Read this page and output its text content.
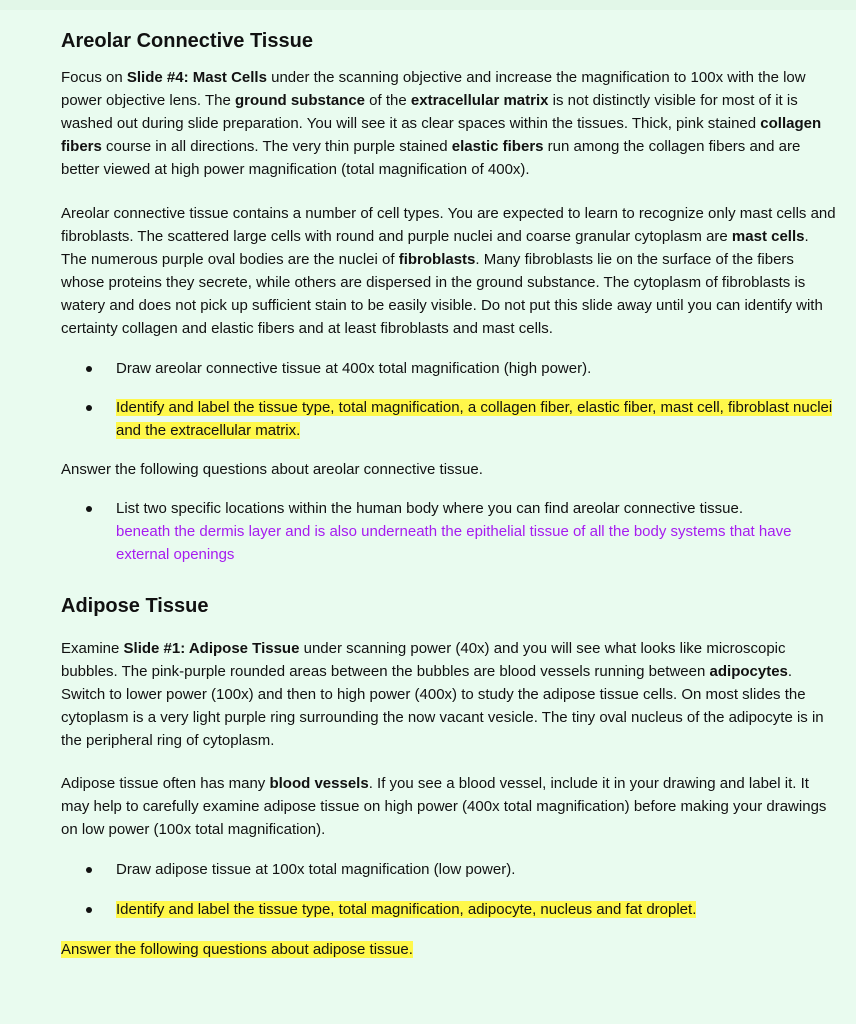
Areolar Connective Tissue

Focus on Slide #4: Mast Cells under the scanning objective and increase the magnification to 100x with the low power objective lens. The ground substance of the extracellular matrix is not distinctly visible for most of it is washed out during slide preparation. You will see it as clear spaces within the tissues. Thick, pink stained collagen fibers course in all directions. The very thin purple stained elastic fibers run among the collagen fibers and are better viewed at high power magnification (total magnification of 400x).

Areolar connective tissue contains a number of cell types. You are expected to learn to recognize only mast cells and fibroblasts. The scattered large cells with round and purple nuclei and coarse granular cytoplasm are mast cells. The numerous purple oval bodies are the nuclei of fibroblasts. Many fibroblasts lie on the surface of the fibers whose proteins they secrete, while others are dispersed in the ground substance. The cytoplasm of fibroblasts is watery and does not pick up sufficient stain to be easily visible. Do not put this slide away until you can identify with certainty collagen and elastic fibers and at least fibroblasts and mast cells.

Draw areolar connective tissue at 400x total magnification (high power).
Identify and label the tissue type, total magnification, a collagen fiber, elastic fiber, mast cell, fibroblast nuclei and the extracellular matrix.

Answer the following questions about areolar connective tissue.

List two specific locations within the human body where you can find areolar connective tissue.
beneath the dermis layer and is also underneath the epithelial tissue of all the body systems that have external openings
Adipose Tissue

Examine Slide #1: Adipose Tissue under scanning power (40x) and you will see what looks like microscopic bubbles. The pink-purple rounded areas between the bubbles are blood vessels running between adipocytes. Switch to lower power (100x) and then to high power (400x) to study the adipose tissue cells. On most slides the cytoplasm is a very light purple ring surrounding the now vacant vesicle. The tiny oval nucleus of the adipocyte is in the peripheral ring of cytoplasm.

Adipose tissue often has many blood vessels. If you see a blood vessel, include it in your drawing and label it. It may help to carefully examine adipose tissue on high power (400x total magnification) before making your drawings on low power (100x total magnification).

Draw adipose tissue at 100x total magnification (low power).
Identify and label the tissue type, total magnification, adipocyte, nucleus and fat droplet.

Answer the following questions about adipose tissue.
